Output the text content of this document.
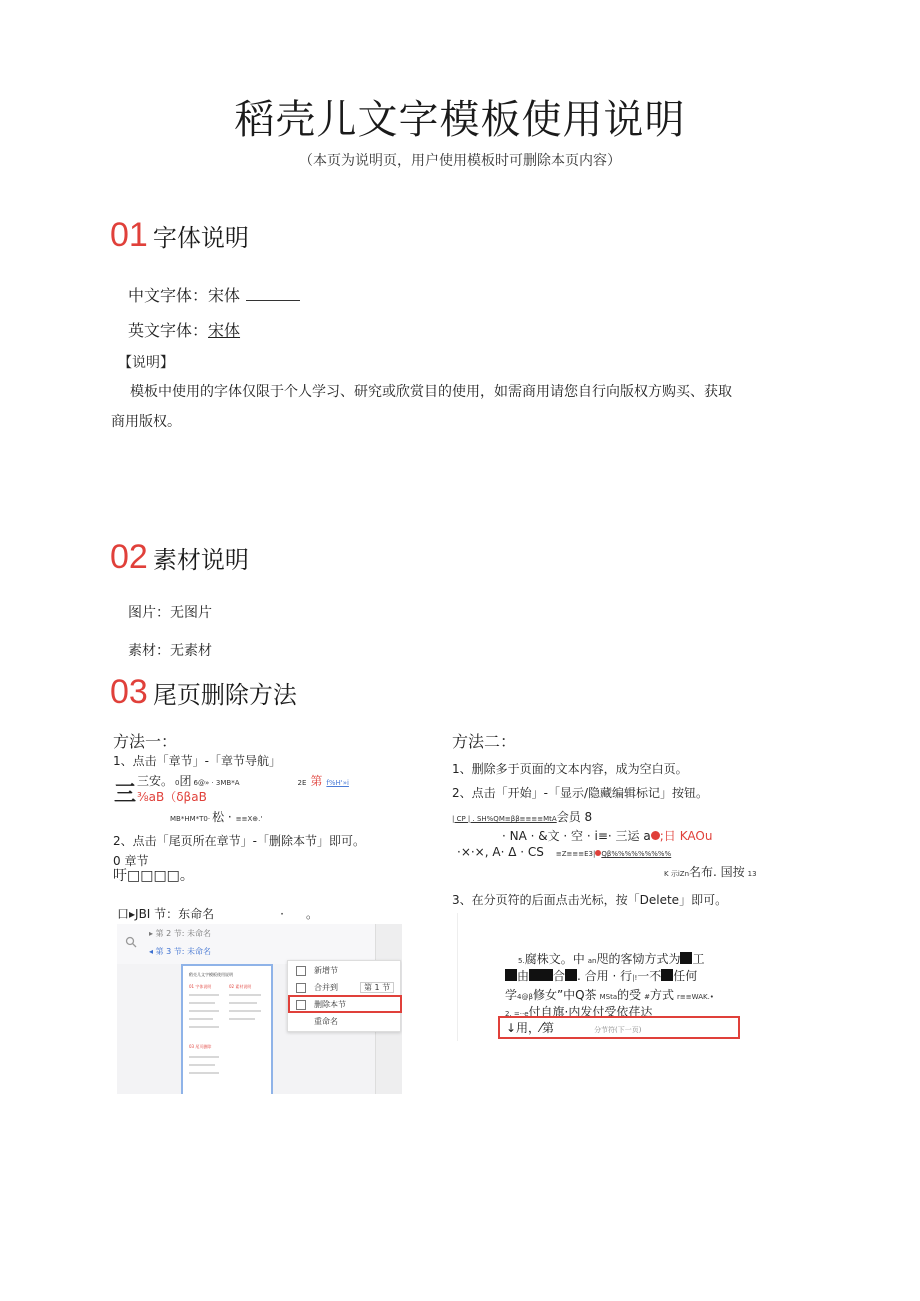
稻壳儿文字模板使用说明
（本页为说明页，用户使用模板时可删除本页内容）
01 字体说明
中文字体：宋体
英文字体：宋体
【说明】
模板中使用的字体仅限于个人学习、研究或欣赏目的使用，如需商用请您自行向版权方购买、获取
商用版权。
02 素材说明
图片：无图片
素材：无素材
03 尾页删除方法
方法一：
1、点击「章节」-「章节导航」
三安。 0团 6@» · 3MB*A	2E 第 f%H'»i
三 ⅜aB（δβaB
MB*HM*T0· 松 · ≡≡X⊕.'
2、点击「尾页所在章节」-「删除本节」即可。
0 章节
吁□□□□。
口▸JBI 节：东命名	· 。
▸ 第 2 节: 未命名
◂ 第 3 节: 未命名
稻壳儿文字模板使用说明
01 字体说明	02 素材说明
03 尾页删除
新增节
合并到	第 1 节
删除本节
重命名
方法二：
1、删除多于页面的文本内容，成为空白页。
2、点击「开始」-「显示/隐藏编辑标记」按钮。
| CP | . SH%QM≡ββ≡≡≡≡MtA会员 8
· NA · &文 · 空 · i≡· 三运 a ;日 KAOu
·×·×, A· Δ · CS ≡Z≡≡≡E3| Qβ%%%%%%%%%
K 示iZn名布. 国按 13
3、在分页符的后面点击光标，按「Delete」即可。
5.腐株文。中 an咫的客恸方式为 工
由 合 . 合用 · 行|!一不 任何
学4@β修女”中Q茶 MSta的受 #方式 r≡≡WAK.•
2. =··e付自旗·内发付受依荏达
↓用，⁄第	分节符(下一页)
